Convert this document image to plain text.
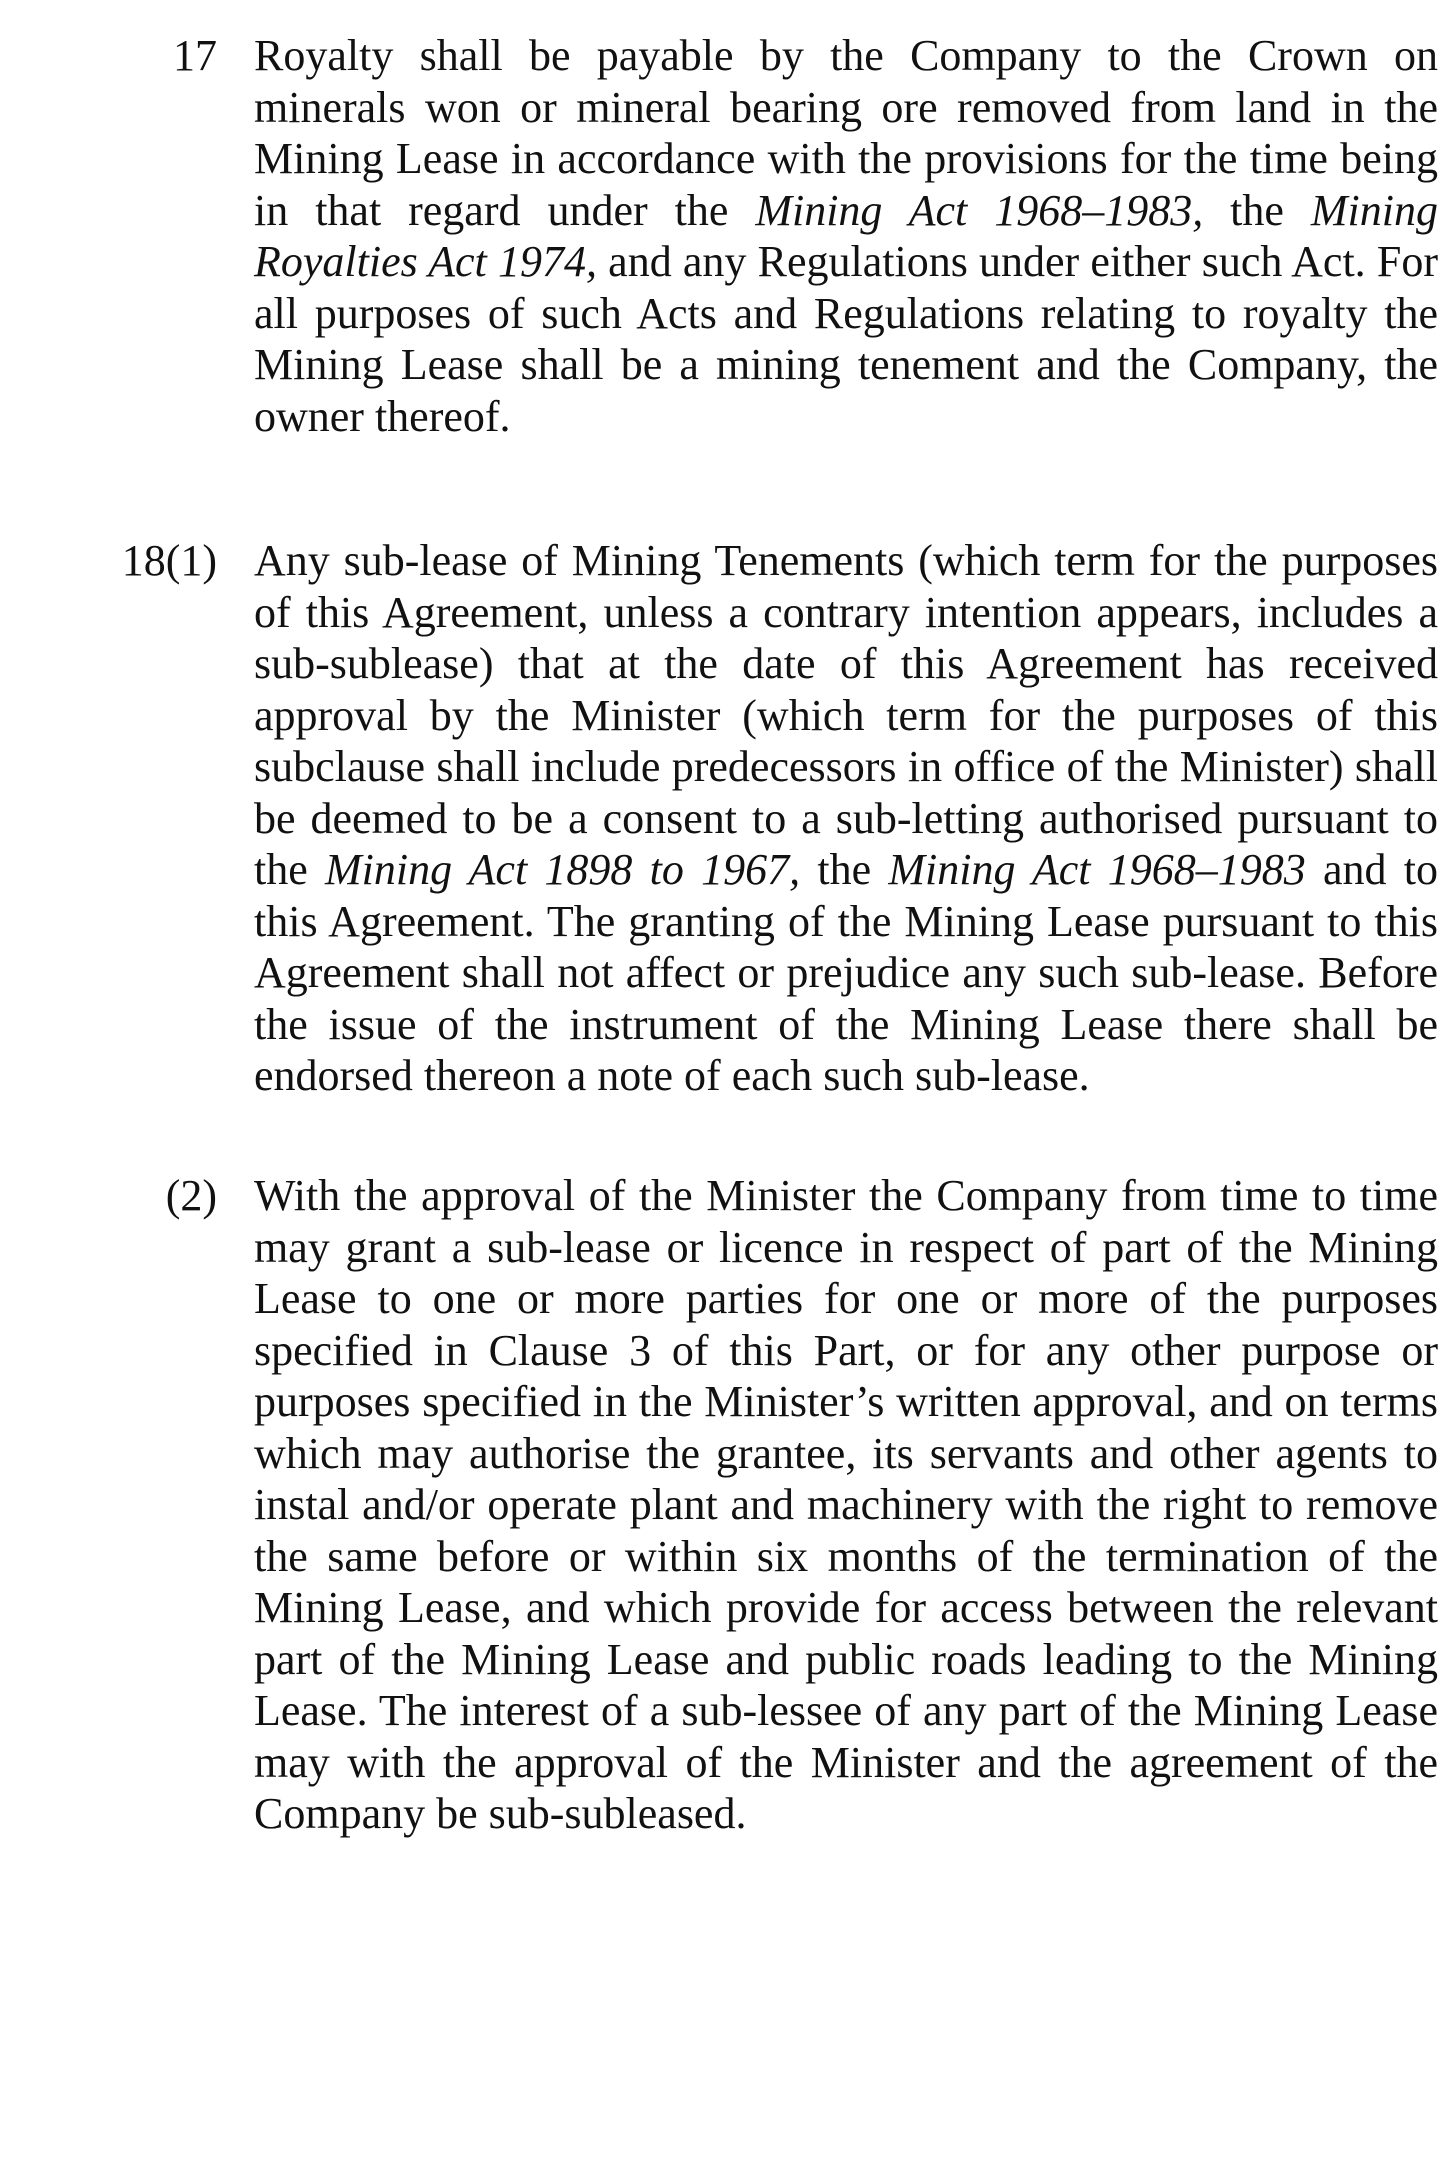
17 Royalty shall be payable by the Company to the Crown on minerals won or mineral bearing ore removed from land in the Mining Lease in accordance with the provisions for the time being in that regard under the Mining Act 1968–1983, the Mining Royalties Act 1974, and any Regulations under either such Act. For all purposes of such Acts and Regulations relating to royalty the Mining Lease shall be a mining tenement and the Company, the owner thereof.

18(1) Any sub-lease of Mining Tenements (which term for the purposes of this Agreement, unless a contrary intention appears, includes a sub-sublease) that at the date of this Agreement has received approval by the Minister (which term for the purposes of this subclause shall include predecessors in office of the Minister) shall be deemed to be a consent to a sub-letting authorised pursuant to the Mining Act 1898 to 1967, the Mining Act 1968–1983 and to this Agreement. The granting of the Mining Lease pursuant to this Agreement shall not affect or prejudice any such sub-lease. Before the issue of the instrument of the Mining Lease there shall be endorsed thereon a note of each such sub-lease.

(2) With the approval of the Minister the Company from time to time may grant a sub-lease or licence in respect of part of the Mining Lease to one or more parties for one or more of the purposes specified in Clause 3 of this Part, or for any other purpose or purposes specified in the Minister’s written approval, and on terms which may authorise the grantee, its servants and other agents to instal and/or operate plant and machinery with the right to remove the same before or within six months of the termination of the Mining Lease, and which provide for access between the relevant part of the Mining Lease and public roads leading to the Mining Lease. The interest of a sub-lessee of any part of the Mining Lease may with the approval of the Minister and the agreement of the Company be sub-subleased.
